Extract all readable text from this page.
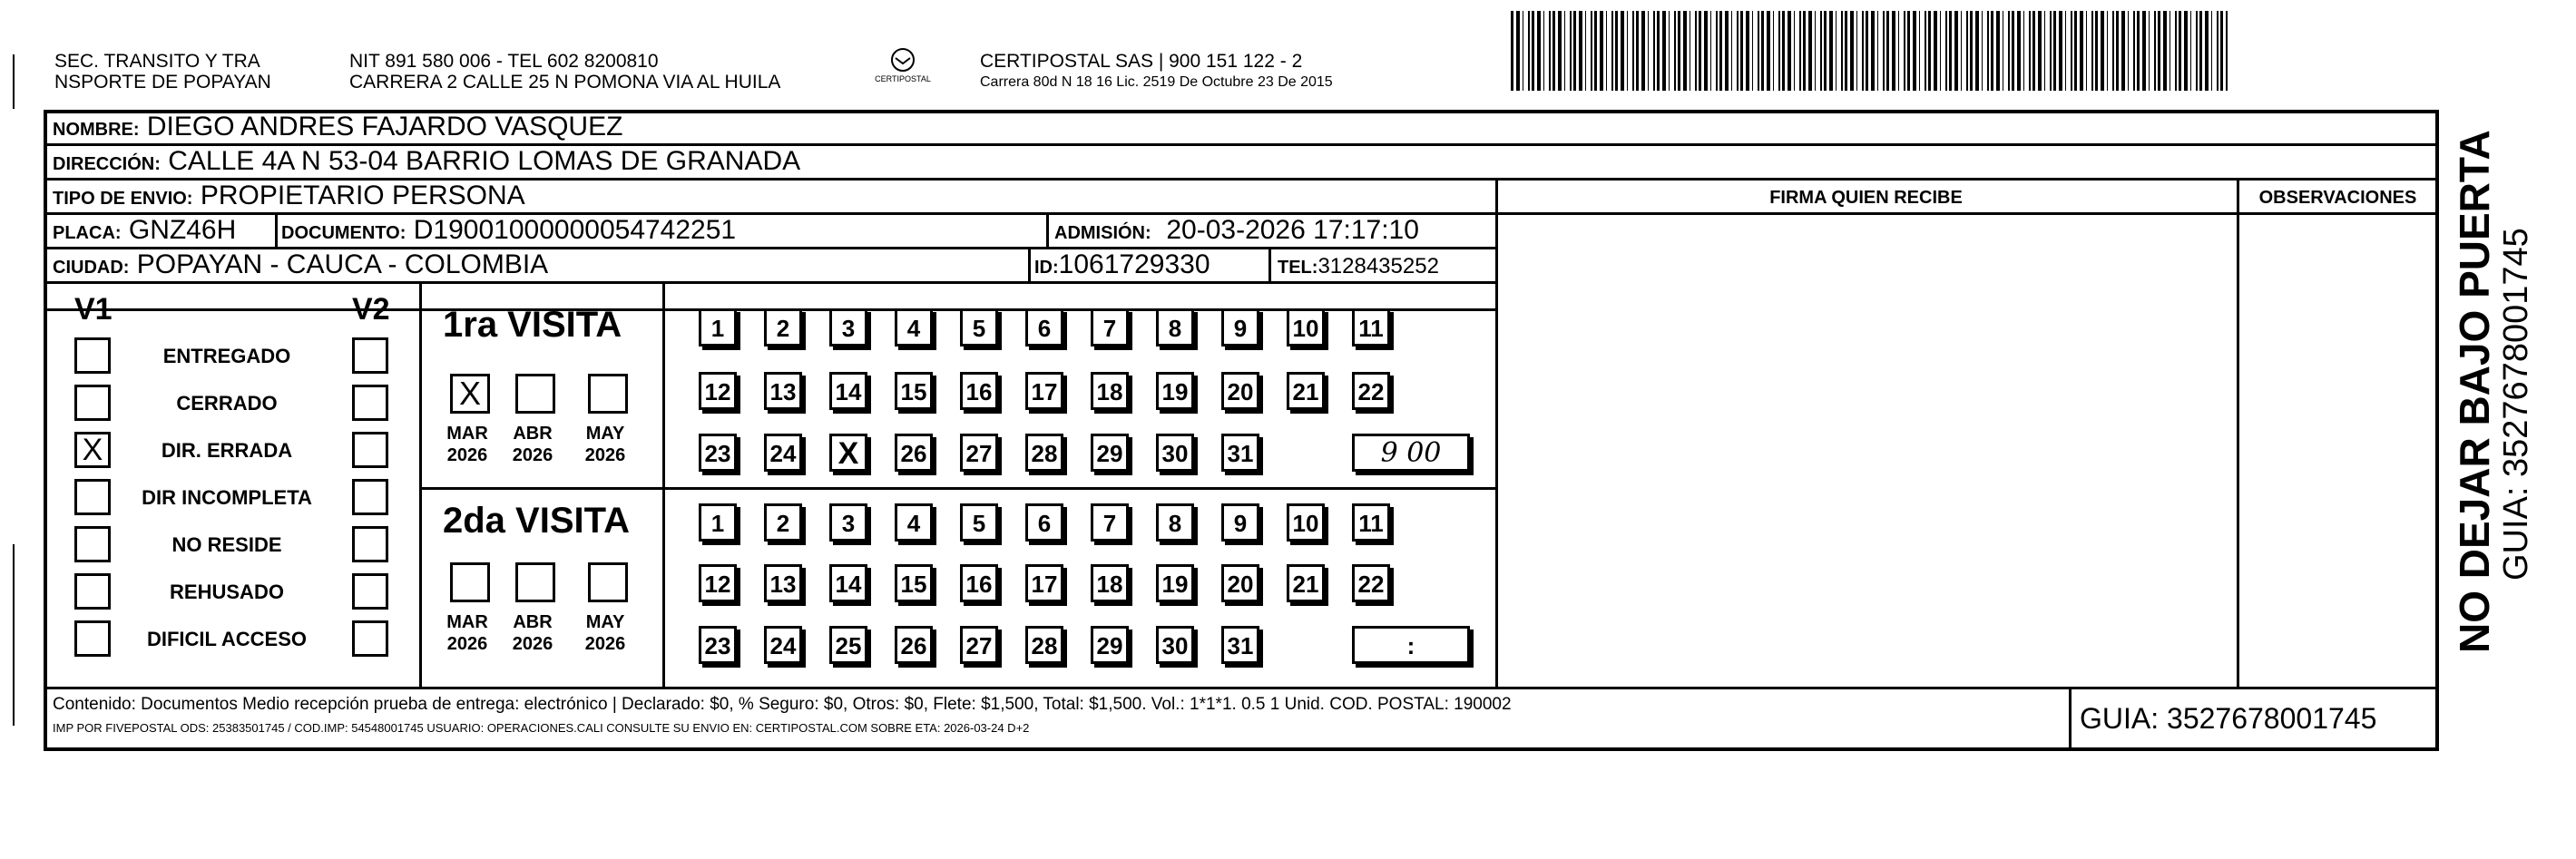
SEC. TRANSITO Y TRA
NSPORTE DE POPAYAN
NIT 891 580 006 - TEL 602 8200810
CARRERA 2 CALLE 25 N POMONA VIA AL HUILA	CERTIPOSTAL
CERTIPOSTAL SAS | 900 151 122 - 2
Carrera 80d N 18 16 Lic. 2519 De Octubre 23 De 2015
NOMBRE: DIEGO ANDRES FAJARDO VASQUEZ
DIRECCIÓN: CALLE 4A N 53-04 BARRIO LOMAS DE GRANADA
TIPO DE ENVIO: PROPIETARIO PERSONA	FIRMA QUIEN RECIBE	OBSERVACIONES
PLACA: GNZ46H DOCUMENTO: D19001000000054742251	ADMISIÓN: 20-03-2026 17:17:10
CIUDAD: POPAYAN - CAUCA - COLOMBIA	ID:1061729330	TEL:3128435252
V1	V2
ENTREGADO
CERRADO
X	DIR. ERRADA
DIR INCOMPLETA
NO RESIDE
REHUSADO
DIFICIL ACCESO
1ra VISITA
X
MAR
2026
ABR
2026
MAY
2026
1	2	3	4	5	6	7	8	9	10 11
12 13 14 15 16 17 18 19 20 21 22
23 24 X	26 27 28 29 30 31	9 00
2da VISITA
MAR
2026
ABR
2026
MAY
2026
1	2	3	4	5	6	7	8	9	10 11
12 13 14 15 16 17 18 19 20 21 22
23 24 25 26 27 28 29 30 31	:
Contenido: Documentos Medio recepción prueba de entrega: electrónico | Declarado: $0, % Seguro: $0, Otros: $0, Flete: $1,500, Total: $1,500. Vol.: 1*1*1. 0.5 1 Unid. COD. POSTAL: 190002
IMP POR FIVEPOSTAL ODS: 25383501745 / COD.IMP: 54548001745 USUARIO: OPERACIONES.CALI CONSULTE SU ENVIO EN: CERTIPOSTAL.COM SOBRE ETA: 2026-03-24 D+2	GUIA: 3527678001745
NO DEJAR BAJO PUERTA GUIA: 3527678001745
